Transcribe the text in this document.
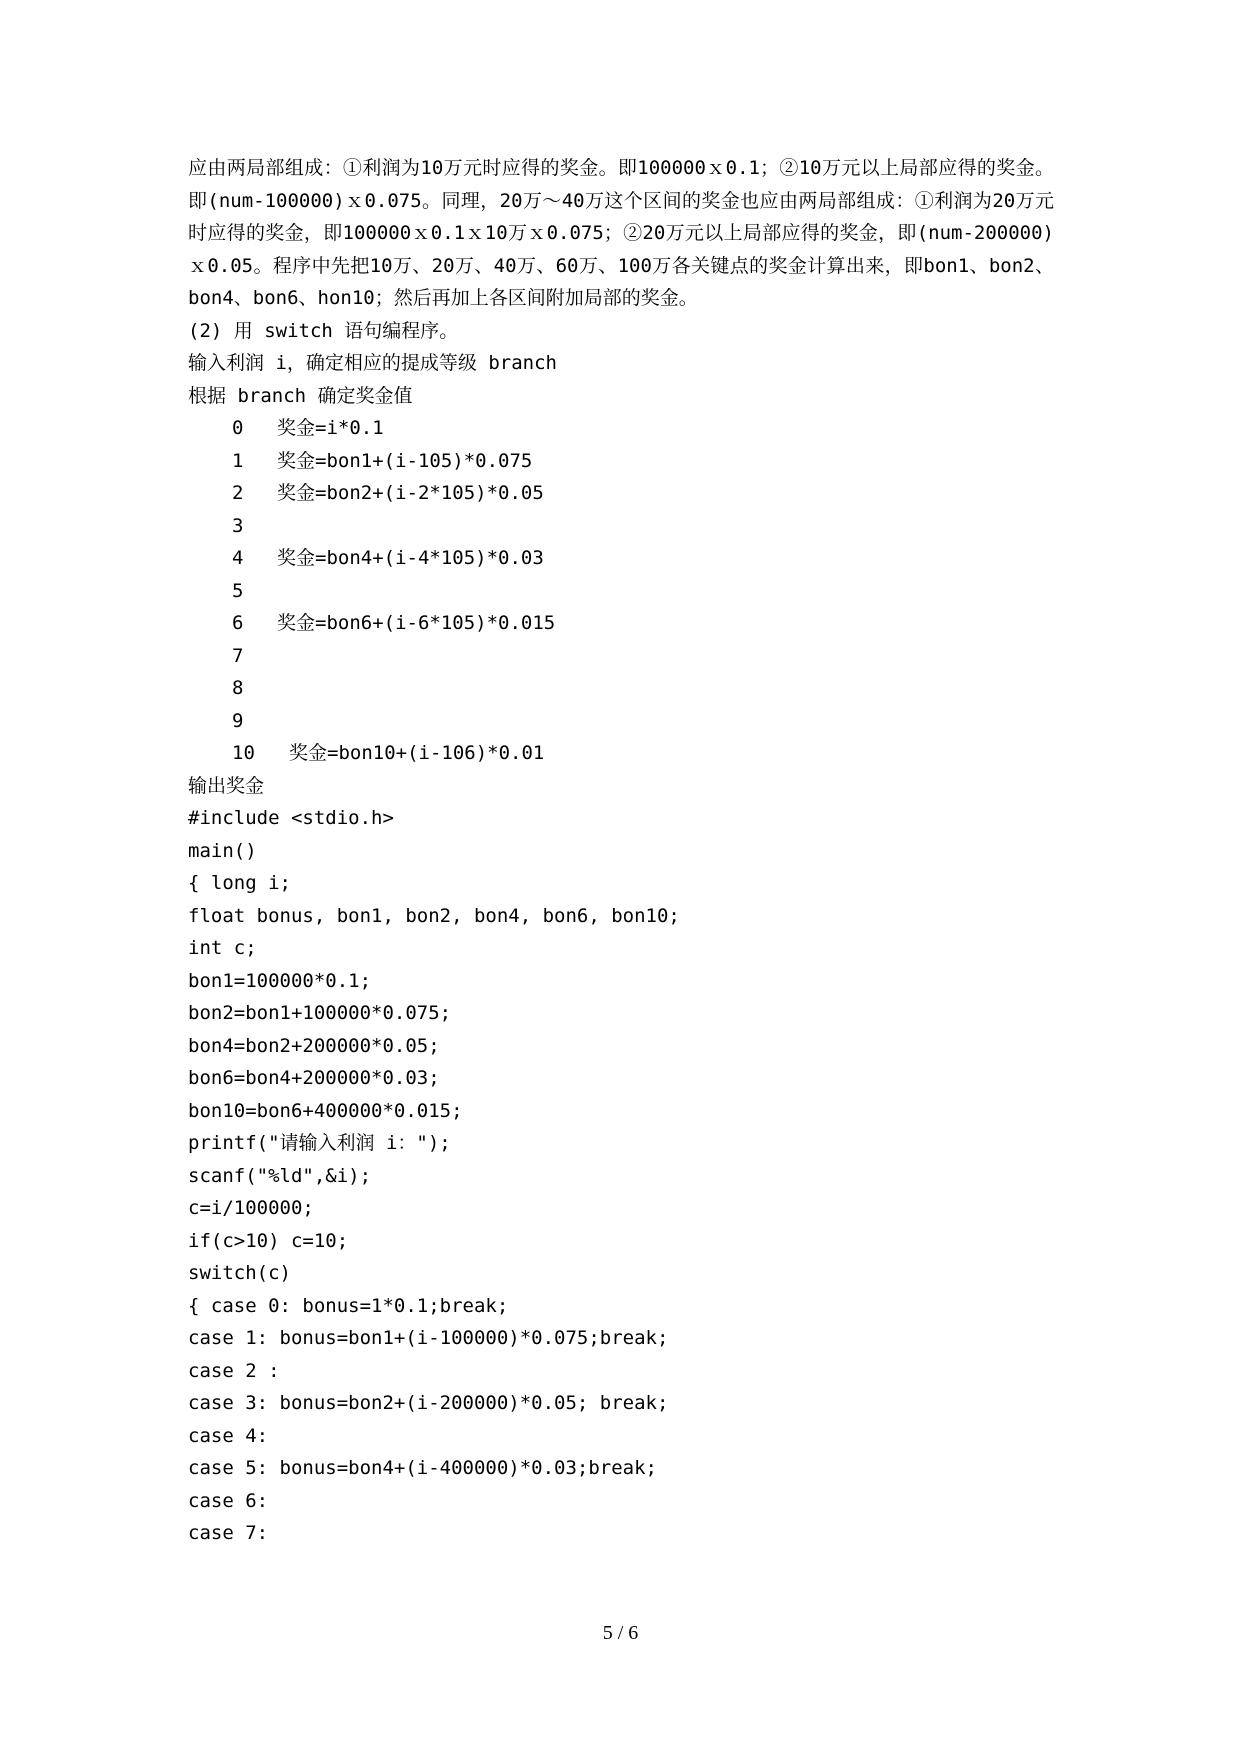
应由两局部组成：①利润为10万元时应得的奖金。即100000ｘ0.1；②10万元以上局部应得的奖金。即(num-100000)ｘ0.075。同理，20万～40万这个区间的奖金也应由两局部组成：①利润为20万元时应得的奖金，即100000ｘ0.1ｘ10万ｘ0.075；②20万元以上局部应得的奖金，即(num-200000)ｘ0.05。程序中先把10万、20万、40万、60万、100万各关键点的奖金计算出来，即bon1、bon2、bon4、bon6、hon10；然后再加上各区间附加局部的奖金。

(2) 用 switch 语句编程序。

输入利润 i，确定相应的提成等级 branch

根据 branch 确定奖金值

0 奖金=i*0.1
1 奖金=bon1+(i-105)*0.075
2 奖金=bon2+(i-2*105)*0.05
3
4 奖金=bon4+(i-4*105)*0.03
5
6 奖金=bon6+(i-6*105)*0.015
7
8
9
10 奖金=bon10+(i-106)*0.01

输出奖金

#include <stdio.h>

main()

{ long i;

float bonus, bon1, bon2, bon4, bon6, bon10;

int c;

bon1=100000*0.1;

bon2=bon1+100000*0.075;

bon4=bon2+200000*0.05;

bon6=bon4+200000*0.03;

bon10=bon6+400000*0.015;

printf("请输入利润 i：");

scanf("%ld",&i);

c=i/100000;

if(c>10) c=10;

switch(c)

{ case 0: bonus=1*0.1;break;

case 1: bonus=bon1+(i-100000)*0.075;break;

case 2 :

case 3: bonus=bon2+(i-200000)*0.05; break;

case 4:

case 5: bonus=bon4+(i-400000)*0.03;break;

case 6:

case 7:

5 / 6
